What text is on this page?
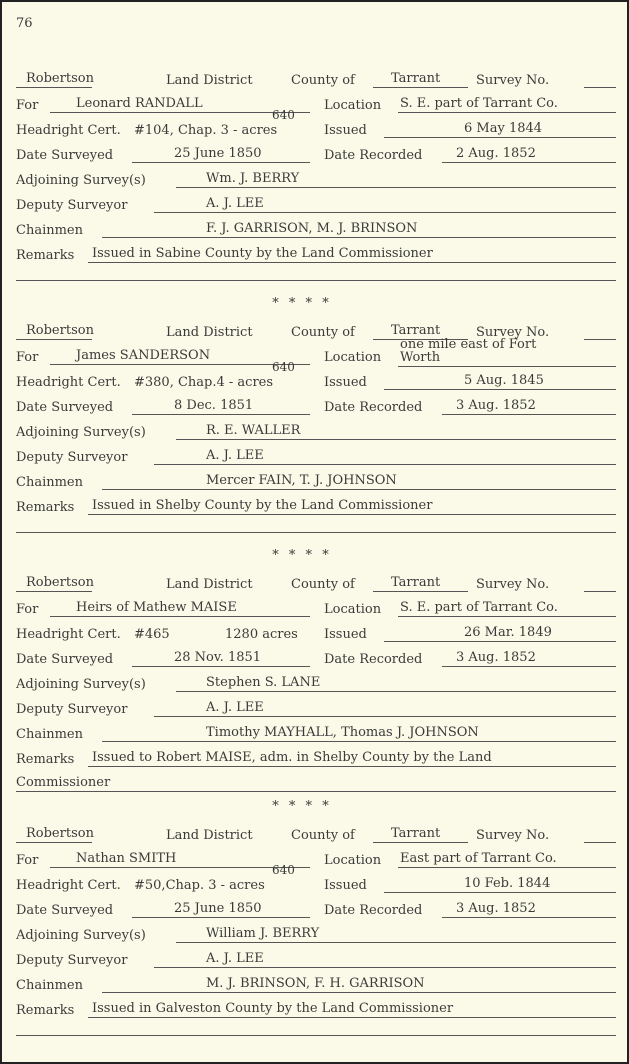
76
Robertson	Land District	County of	Tarrant	Survey No.
For	Leonard RANDALL	Location S. E. part of Tarrant Co.
Headright Cert. #104, Chap. 3 - acres
640
Issued	6 May 1844
Date Surveyed	25 June 1850	Date Recorded	2 Aug. 1852
Adjoining Survey(s)	Wm. J. BERRY
Deputy Surveyor	A. J. LEE
Chainmen	F. J. GARRISON, M. J. BRINSON
Remarks	Issued in Sabine County by the Land Commissioner
Robertson	Land District	County of	Tarrant	Survey No.
For	James SANDERSON	Location
one mile east of Fort
Worth
Headright Cert. #380, Chap.4 - acres
640
Issued	5 Aug. 1845
Date Surveyed	8 Dec. 1851	Date Recorded	3 Aug. 1852
Adjoining Survey(s)	R. E. WALLER
Deputy Surveyor	A. J. LEE
Chainmen	Mercer FAIN, T. J. JOHNSON
Remarks	Issued in Shelby County by the Land Commissioner
Robertson	Land District	County of	Tarrant	Survey No.
For	Heirs of Mathew MAISE	Location S. E. part of Tarrant Co.
Headright Cert. #465	1280 acres Issued	26 Mar. 1849
Date Surveyed	28 Nov. 1851	Date Recorded	3 Aug. 1852
Adjoining Survey(s)	Stephen S. LANE
Deputy Surveyor	A. J. LEE
Chainmen	Timothy MAYHALL, Thomas J. JOHNSON
Remarks	Issued to Robert MAISE, adm. in Shelby County by the Land
Commissioner
Robertson	Land District	County of	Tarrant	Survey No.
For	Nathan SMITH	Location East part of Tarrant Co.
Headright Cert. #50,Chap. 3 - acres
640
Issued	10 Feb. 1844
Date Surveyed	25 June 1850	Date Recorded	3 Aug. 1852
Adjoining Survey(s)	William J. BERRY
Deputy Surveyor	A. J. LEE
Chainmen	M. J. BRINSON, F. H. GARRISON
Remarks	Issued in Galveston County by the Land Commissioner
* * * *
* * * *
* * * *
